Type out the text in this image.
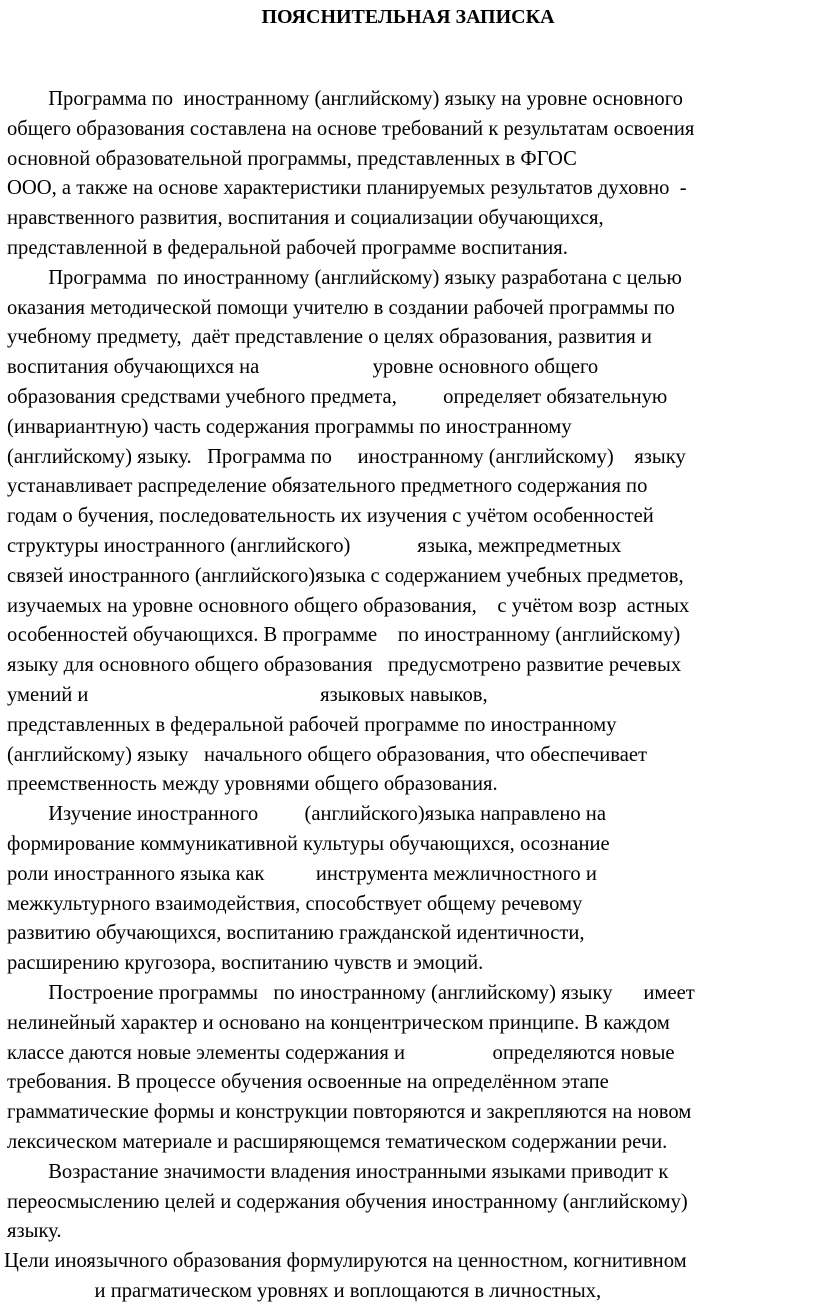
ПОЯСНИТЕЛЬНАЯ ЗАПИСКА

Программа по  иностранному (английскому) языку на уровне основного

общего образования составлена на основе требований к результатам освоения

основной образовательной программы, представленных в ФГОС

ООО, а также на основе характеристики планируемых результатов духовно  -

нравственного развития, воспитания и социализации обучающихся,

представленной в федеральной рабочей программе воспитания.

Программа  по иностранному (английскому) языку разработана с целью

оказания методической помощи учителю в создании рабочей программы по

учебному предмету,  даёт представление о целях образования, развития и

воспитания обучающихся на                      уровне основного общего

образования средствами учебного предмета,         определяет обязательную

(инвариантную) часть содержания программы по иностранному

(английскому) языку.   Программа по     иностранному (английскому)    языку

устанавливает распределение обязательного предметного содержания по

годам о бучения, последовательность их изучения с учётом особенностей

структуры иностранного (английского)             языка, межпредметных

связей иностранного (английского)языка с содержанием учебных предметов,

изучаемых на уровне основного общего образования,    с учётом возр  астных

особенностей обучающихся. В программе    по иностранному (английскому)

языку для основного общего образования   предусмотрено развитие речевых

умений и                                             языковых навыков,

представленных в федеральной рабочей программе по иностранному

(английскому) языку   начального общего образования, что обеспечивает

преемственность между уровнями общего образования.

Изучение иностранного         (английского)языка направлено на

формирование коммуникативной культуры обучающихся, осознание

роли иностранного языка как          инструмента межличностного и

межкультурного взаимодействия, способствует общему речевому

развитию обучающихся, воспитанию гражданской идентичности,

расширению кругозора, воспитанию чувств и эмоций.

Построение программы   по иностранному (английскому) языку      имеет

нелинейный характер и основано на концентрическом принципе. В каждом

классе даются новые элементы содержания и                 определяются новые

требования. В процессе обучения освоенные на определённом этапе

грамматические формы и конструкции повторяются и закрепляются на новом

лексическом материале и расширяющемся тематическом содержании речи.

Возрастание значимости владения иностранными языками приводит к

переосмыслению целей и содержания обучения иностранному (английскому)

языку.

Цели иноязычного образования формулируются на ценностном, когнитивном

и прагматическом уровнях и воплощаются в личностных,
